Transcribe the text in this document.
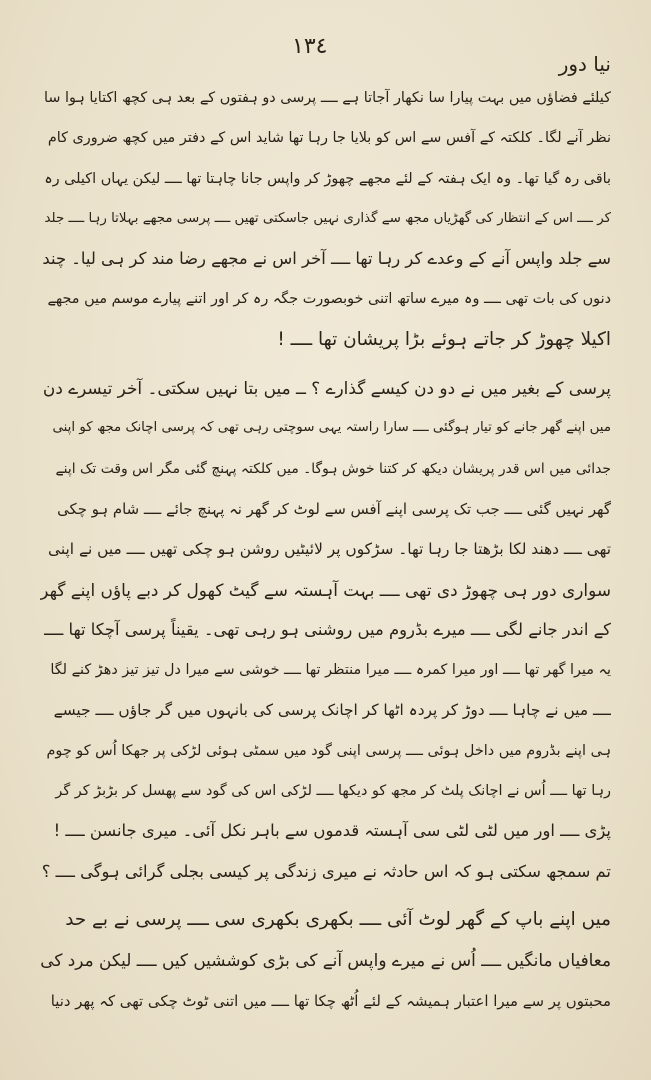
١٣٤
نیا دور
کیلئے فضاؤں میں بہت پیارا سا نکھار آجاتا ہے ــــ پرسی دو ہفتوں کے بعد ہی کچھ اکتایا ہوا سا
نظر آنے لگا۔ کلکتہ کے آفس سے اس کو بلایا جا رہا تھا شاید اس کے دفتر میں کچھ ضروری کام
باقی رہ گیا تھا۔ وہ ایک ہفتہ کے لئے مجھے چھوڑ کر واپس جانا چاہتا تھا ــــ لیکن یہاں اکیلی رہ
کر ــــ اس کے انتظار کی گھڑیاں مجھ سے گذاری نہیں جاسکتی تھیں ــــ پرسی مجھے بہلاتا رہا ــــ جلد
سے جلد واپس آنے کے وعدے کر رہا تھا ــــ آخر اس نے مجھے رضا مند کر ہی لیا۔ چند
دنوں کی بات تھی ــــ وہ میرے ساتھ اتنی خوبصورت جگہ رہ کر اور اتنے پیارے موسم میں مجھے
اکیلا چھوڑ کر جاتے ہوئے بڑا پریشان تھا ــــ !
پرسی کے بغیر میں نے دو دن کیسے گذارے ؟ ــ میں بتا نہیں سکتی۔ آخر تیسرے دن
میں اپنے گھر جانے کو تیار ہوگئی ــــ سارا راستہ یہی سوچتی رہی تھی کہ پرسی اچانک مجھ کو اپنی
جدائی میں اس قدر پریشان دیکھ کر کتنا خوش ہوگا۔ میں کلکتہ پہنچ گئی مگر اس وقت تک اپنے
گھر نہیں گئی ــــ جب تک پرسی اپنے آفس سے لوٹ کر گھر نہ پہنچ جائے ــــ شام ہو چکی
تھی ــــ دھند لکا بڑھتا جا رہا تھا۔ سڑکوں پر لائیٹیں روشن ہو چکی تھیں ــــ میں نے اپنی
سواری دور ہی چھوڑ دی تھی ــــ بہت آہستہ سے گیٹ کھول کر دبے پاؤں اپنے گھر
کے اندر جانے لگی ــــ میرے بڈروم میں روشنی ہو رہی تھی۔ یقیناً پرسی آچکا تھا ــــ
یہ میرا گھر تھا ــــ اور میرا کمرہ ــــ میرا منتظر تھا ــــ خوشی سے میرا دل تیز تیز دھڑ کنے لگا
ــــ میں نے چاہا ــــ دوڑ کر پردہ اٹھا کر اچانک پرسی کی بانہوں میں گر جاؤں ــــ جیسے
ہی اپنے بڈروم میں داخل ہوئی ــــ پرسی اپنی گود میں سمٹی ہوئی لڑکی پر جھکا اُس کو چوم
رہا تھا ــــ اُس نے اچانک پلٹ کر مجھ کو دیکھا ــــ لڑکی اس کی گود سے پھسل کر بڑبڑ کر گر
پڑی ــــ اور میں لٹی لٹی سی آہستہ قدموں سے باہر نکل آئی۔ میری جانسن ــــ !
تم سمجھ سکتی ہو کہ اس حادثہ نے میری زندگی پر کیسی بجلی گرائی ہوگی ــــ ؟
میں اپنے باپ کے گھر لوٹ آئی ــــ بکھری بکھری سی ــــ پرسی نے بے حد
معافیاں مانگیں ــــ اُس نے میرے واپس آنے کی بڑی کوششیں کیں ــــ لیکن مرد کی
محبتوں پر سے میرا اعتبار ہمیشہ کے لئے اُٹھ چکا تھا ــــ میں اتنی ٹوٹ چکی تھی کہ پھر دنیا
